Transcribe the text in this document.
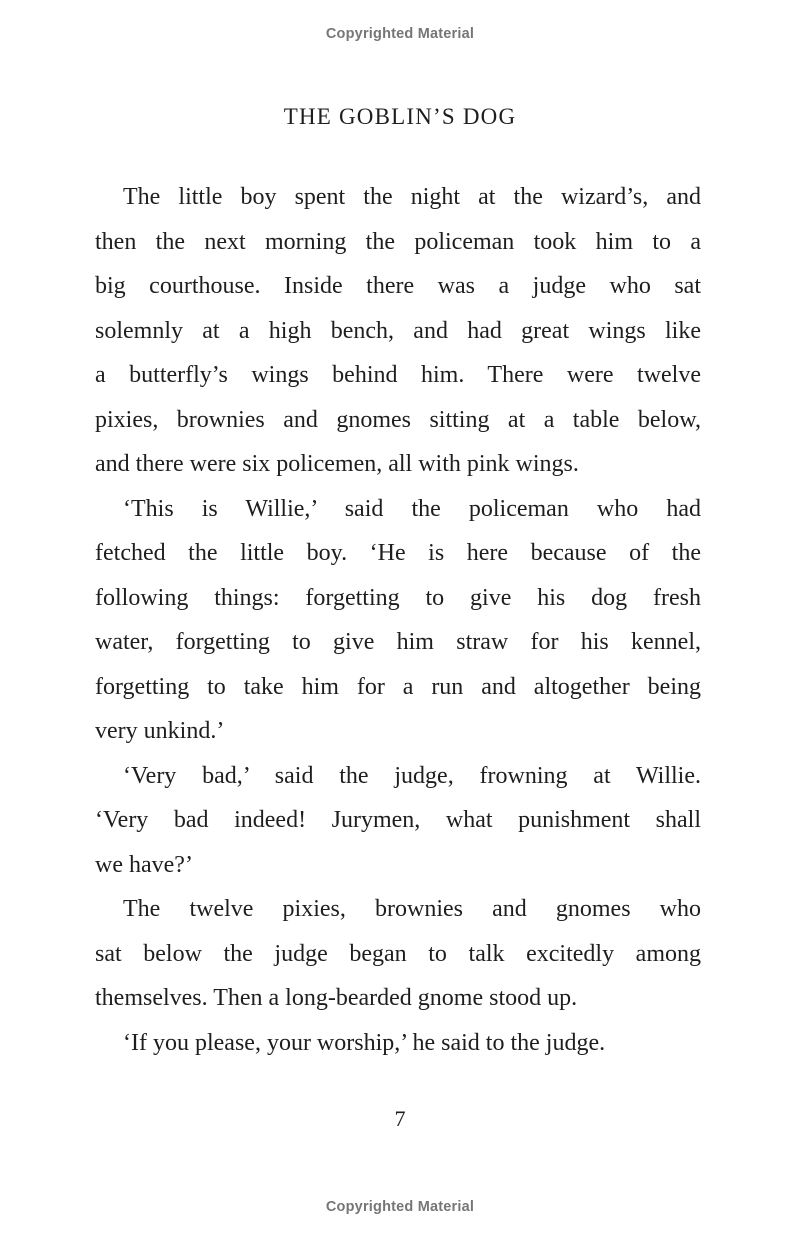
Copyrighted Material
THE GOBLIN’S DOG
The little boy spent the night at the wizard’s, and
then the next morning the policeman took him to a
big courthouse. Inside there was a judge who sat
solemnly at a high bench, and had great wings like
a butterfly’s wings behind him. There were twelve
pixies, brownies and gnomes sitting at a table below,
and there were six policemen, all with pink wings.
‘This is Willie,’ said the policeman who had
fetched the little boy. ‘He is here because of the
following things: forgetting to give his dog fresh
water, forgetting to give him straw for his kennel,
forgetting to take him for a run and altogether being
very unkind.’
‘Very bad,’ said the judge, frowning at Willie.
‘Very bad indeed! Jurymen, what punishment shall
we have?’
The twelve pixies, brownies and gnomes who
sat below the judge began to talk excitedly among
themselves. Then a long-bearded gnome stood up.
‘If you please, your worship,’ he said to the judge.
7
Copyrighted Material
